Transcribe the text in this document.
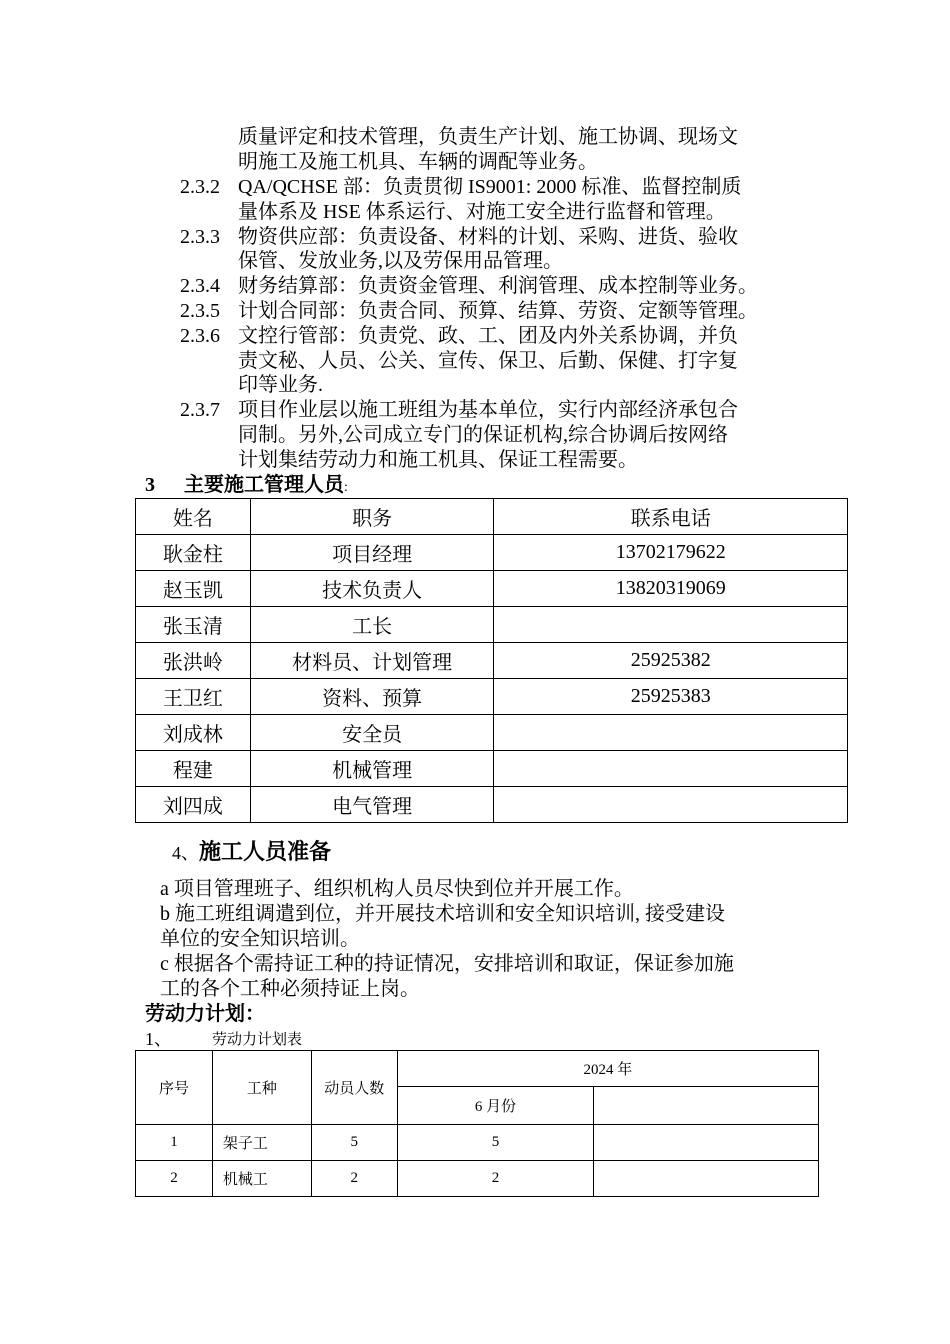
质量评定和技术管理，负责生产计划、施工协调、现场文
明施工及施工机具、车辆的调配等业务。
2.3.2 QA/QCHSE 部：负责贯彻 IS9001: 2000 标准、监督控制质
量体系及 HSE 体系运行、对施工安全进行监督和管理。
2.3.3 物资供应部：负责设备、材料的计划、采购、进货、验收
保管、发放业务,以及劳保用品管理。
2.3.4 财务结算部：负责资金管理、利润管理、成本控制等业务。
2.3.5 计划合同部：负责合同、预算、结算、劳资、定额等管理。
2.3.6 文控行管部：负责党、政、工、团及内外关系协调，并负
责文秘、人员、公关、宣传、保卫、后勤、保健、打字复
印等业务.
2.3.7 项目作业层以施工班组为基本单位，实行内部经济承包合
同制。另外,公司成立专门的保证机构,综合协调后按网络
计划集结劳动力和施工机具、保证工程需要。
3 主要施工管理人员:
姓名	职务	联系电话
耿金柱	项目经理	13702179622
赵玉凯	技术负责人	13820319069
张玉清	工长	
张洪岭	材料员、计划管理	25925382
王卫红	资料、预算	25925383
刘成林	安全员	
程建	机械管理	
刘四成	电气管理	
4、施工人员准备
a 项目管理班子、组织机构人员尽快到位并开展工作。
b 施工班组调遣到位，并开展技术培训和安全知识培训, 接受建设
单位的安全知识培训。
c 根据各个需持证工种的持证情况，安排培训和取证，保证参加施
工的各个工种必须持证上岗。
劳动力计划：
1、	劳动力计划表
序号	工种	动员人数	2024 年	
			6 月份	
1	架子工	5	5	
2	机械工	2	2	
